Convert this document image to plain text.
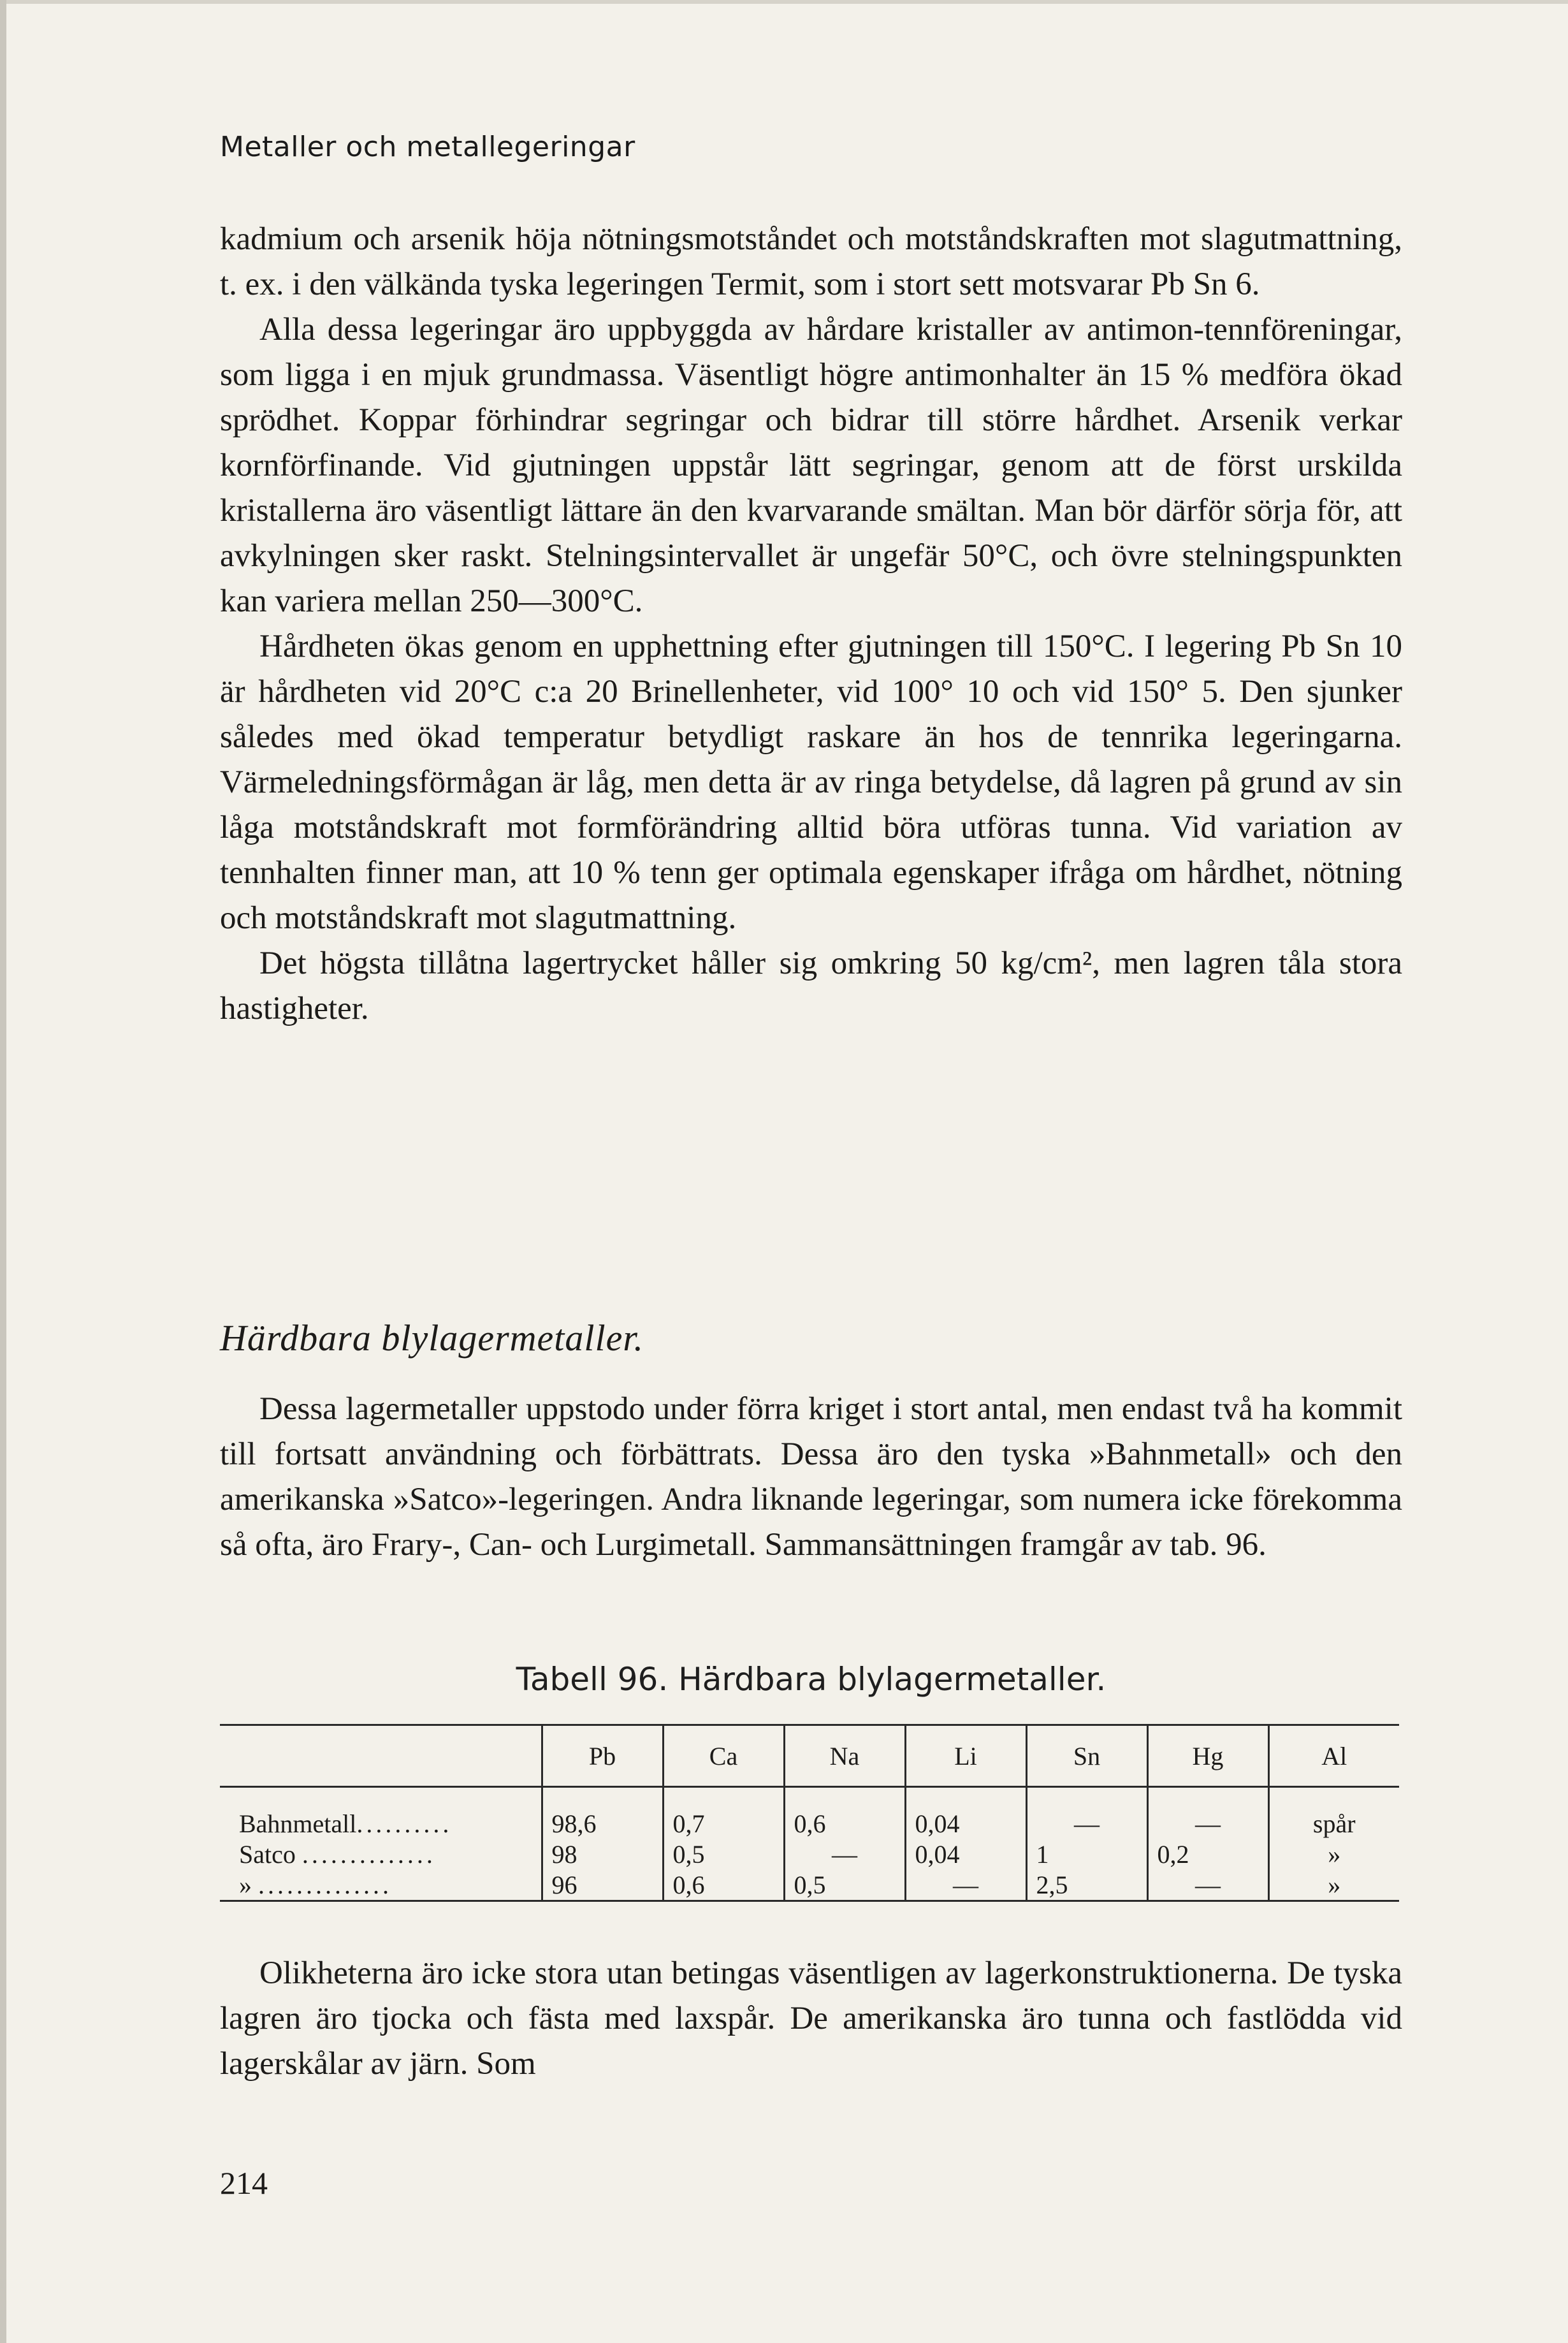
Metaller och metallegeringar

kadmium och arsenik höja nötningsmotståndet och motståndskraften mot slagutmattning, t. ex. i den välkända tyska legeringen Termit, som i stort sett motsvarar Pb Sn 6.

Alla dessa legeringar äro uppbyggda av hårdare kristaller av antimon-tennföreningar, som ligga i en mjuk grundmassa. Väsentligt högre antimonhalter än 15 % medföra ökad sprödhet. Koppar förhindrar segringar och bidrar till större hårdhet. Arsenik verkar kornförfinande. Vid gjutningen uppstår lätt segringar, genom att de först urskilda kristallerna äro väsentligt lättare än den kvarvarande smältan. Man bör därför sörja för, att avkylningen sker raskt. Stelningsintervallet är ungefär 50°C, och övre stelningspunkten kan variera mellan 250—300°C.

Hårdheten ökas genom en upphettning efter gjutningen till 150°C. I legering Pb Sn 10 är hårdheten vid 20°C c:a 20 Brinellenheter, vid 100° 10 och vid 150° 5. Den sjunker således med ökad temperatur betydligt raskare än hos de tennrika legeringarna. Värmeledningsförmågan är låg, men detta är av ringa betydelse, då lagren på grund av sin låga motståndskraft mot formförändring alltid böra utföras tunna. Vid variation av tennhalten finner man, att 10 % tenn ger optimala egenskaper ifråga om hårdhet, nötning och motståndskraft mot slagutmattning.

Det högsta tillåtna lagertrycket håller sig omkring 50 kg/cm², men lagren tåla stora hastigheter.

Härdbara blylagermetaller.

Dessa lagermetaller uppstodo under förra kriget i stort antal, men endast två ha kommit till fortsatt användning och förbättrats. Dessa äro den tyska »Bahnmetall» och den amerikanska »Satco»-legeringen. Andra liknande legeringar, som numera icke förekomma så ofta, äro Frary-, Can- och Lurgimetall. Sammansättningen framgår av tab. 96.

Tabell 96. Härdbara blylagermetaller.
	Pb	Ca	Na	Li	Sn	Hg	Al
Bahnmetall..........	98,6	0,7	0,6	0,04	—	—	spår
Satco ..............	98	0,5	—	0,04	1	0,2	»
» ..............	96	0,6	0,5	—	2,5	—	»

Olikheterna äro icke stora utan betingas väsentligen av lagerkonstruktionerna. De tyska lagren äro tjocka och fästa med laxspår. De amerikanska äro tunna och fastlödda vid lagerskålar av järn. Som

214
